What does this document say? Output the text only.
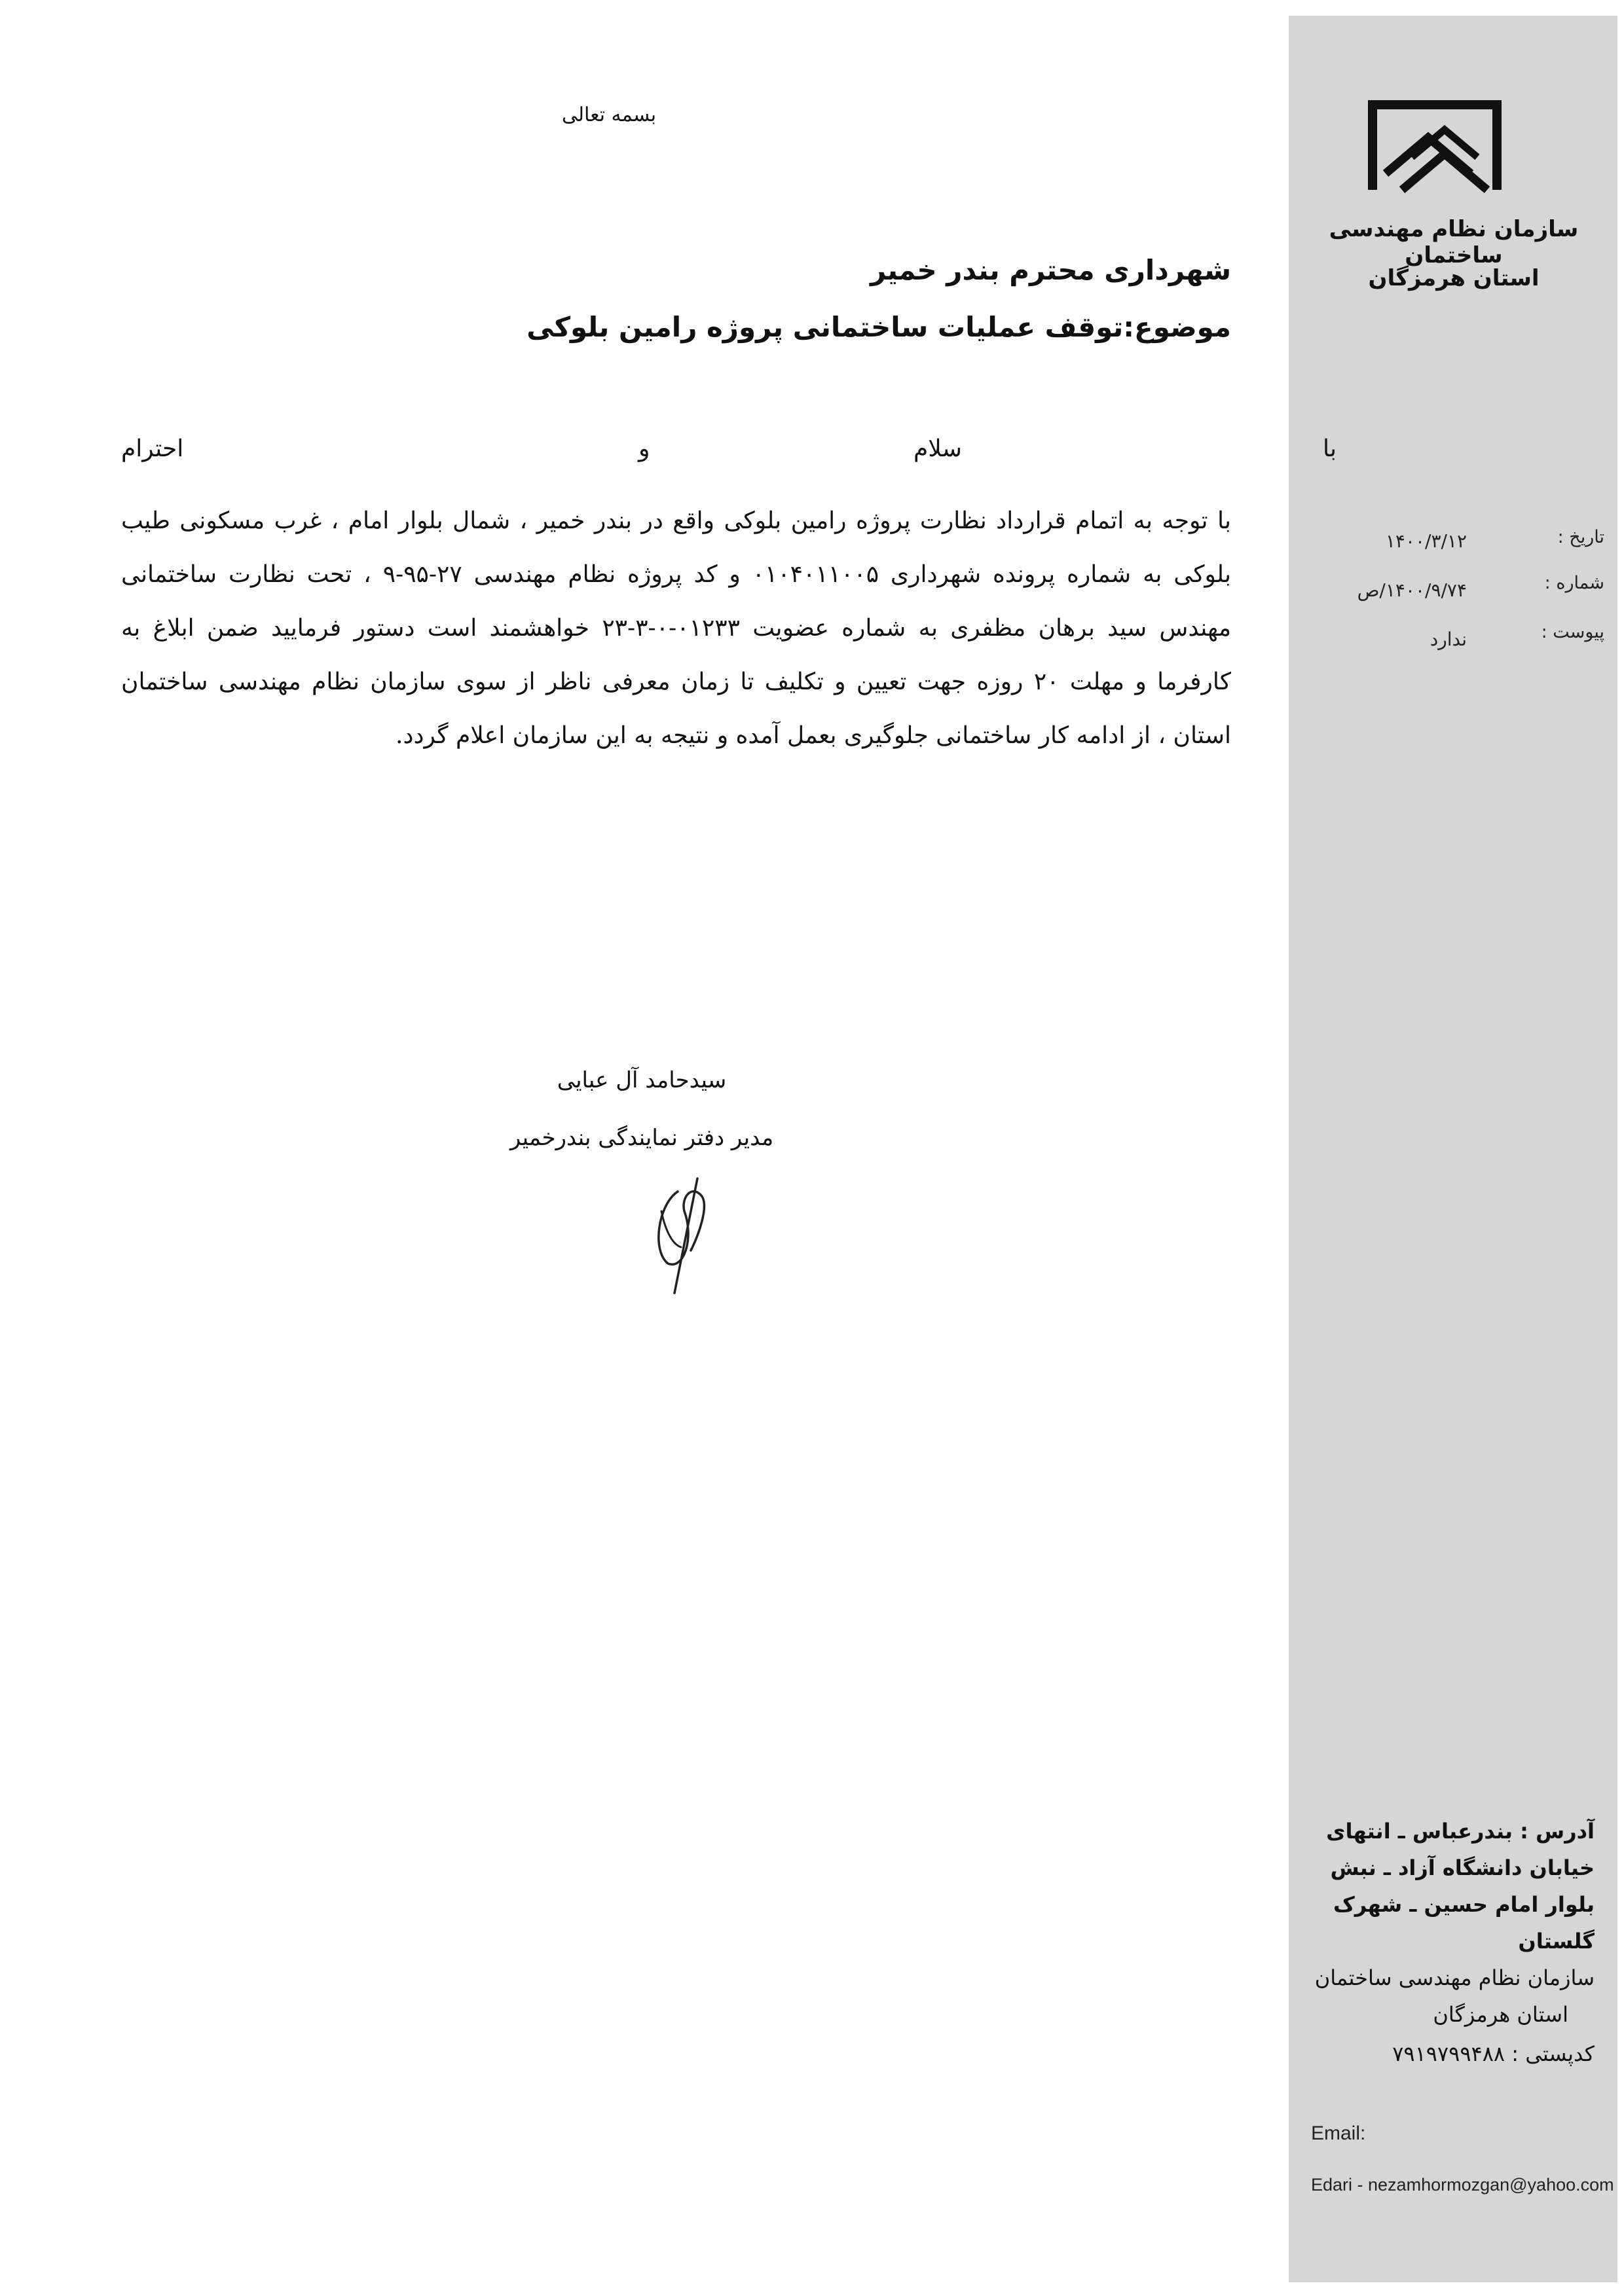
سازمان نظام مهندسی ساختمان
استان هرمزگان
تاریخ :
۱۴۰۰/۳/۱۲
شماره :
۱۴۰۰/۹/۷۴/ص
پیوست :
ندارد
آدرس : بندرعباس ـ انتهای
خیابان دانشگاه آزاد ـ نبش
بلوار امام حسین ـ شهرک
گلستان
سازمان نظام مهندسی ساختمان
استان هرمزگان
کدپستی : ۷۹۱۹۷۹۹۴۸۸
Email:
Edari - nezamhormozgan@yahoo.com
بسمه تعالی
شهرداری محترم بندر خمیر
موضوع:توقف عملیات ساختمانی پروژه رامین بلوکی
با
سلام
و
احترام
با توجه به اتمام قرارداد نظارت پروژه رامین بلوکی واقع در بندر خمیر ، شمال بلوار امام ، غرب مسکونی طیب بلوکی به شماره پرونده شهرداری ۰۱۰۴۰۱۱۰۰۵ و کد پروژه نظام مهندسی ۲۷-۹۵-۹ ، تحت نظارت ساختمانی مهندس سید برهان مظفری به شماره عضویت ۰۱۲۳۳-۰-۳-۲۳ خواهشمند است دستور فرمایید ضمن ابلاغ به کارفرما و مهلت ۲۰ روزه جهت تعیین و تکلیف تا زمان معرفی ناظر از سوی سازمان نظام مهندسی ساختمان استان ، از ادامه کار ساختمانی جلوگیری بعمل آمده و نتیجه به این سازمان اعلام گردد.
سیدحامد آل عبایی
مدیر دفتر نمایندگی بندرخمیر
